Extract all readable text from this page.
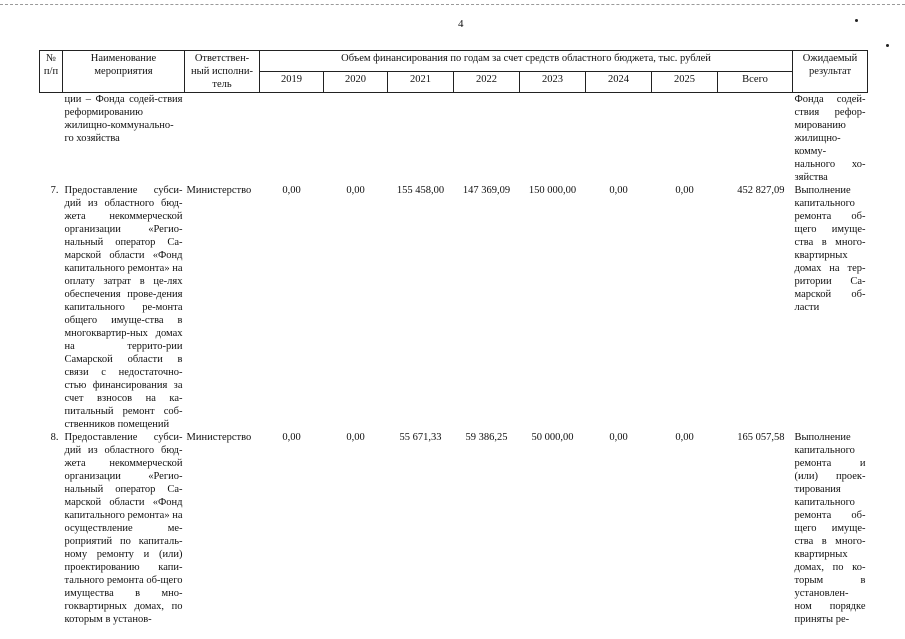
4
№ п/п	Наименование мероприятия	Ответствен-ный исполни-тель	Объем финансирования по годам за счет средств областного бюджета, тыс. рублей								Ожидаемый результат
			2019	2020	2021	2022	2023	2024	2025	Всего	
	ции – Фонда содей-ствия реформированию жилищно-коммунально-го хозяйства										Фонда содей-ствия рефор-мированию жилищно-комму-нального хо-зяйства
7.	Предоставление субси-дий из областного бюд-жета некоммерческой организации «Регио-нальный оператор Са-марской области «Фонд капитального ремонта» на оплату затрат в це-лях обеспечения прове-дения капитального ре-монта общего имуще-ства в многоквартир-ных домах на террито-рии Самарской области в связи с недостаточно-стью финансирования за счет взносов на ка-питальный ремонт соб-ственников помещений	Министерство	0,00	0,00	155 458,00	147 369,09	150 000,00	0,00	0,00	452 827,09	Выполнение капитального ремонта об-щего имуще-ства в много-квартирных домах на тер-ритории Са-марской об-ласти
8.	Предоставление субси-дий из областного бюд-жета некоммерческой организации «Регио-нальный оператор Са-марской области «Фонд капитального ремонта» на осуществление ме-роприятий по капиталь-ному ремонту и (или) проектированию капи-тального ремонта об-щего имущества в мно-гоквартирных домах, по которым в установ-	Министерство	0,00	0,00	55 671,33	59 386,25	50 000,00	0,00	0,00	165 057,58	Выполнение капитального ремонта и (или) проек-тирования капитального ремонта об-щего имуще-ства в много-квартирных домах, по ко-торым в установлен-ном порядке приняты ре-
